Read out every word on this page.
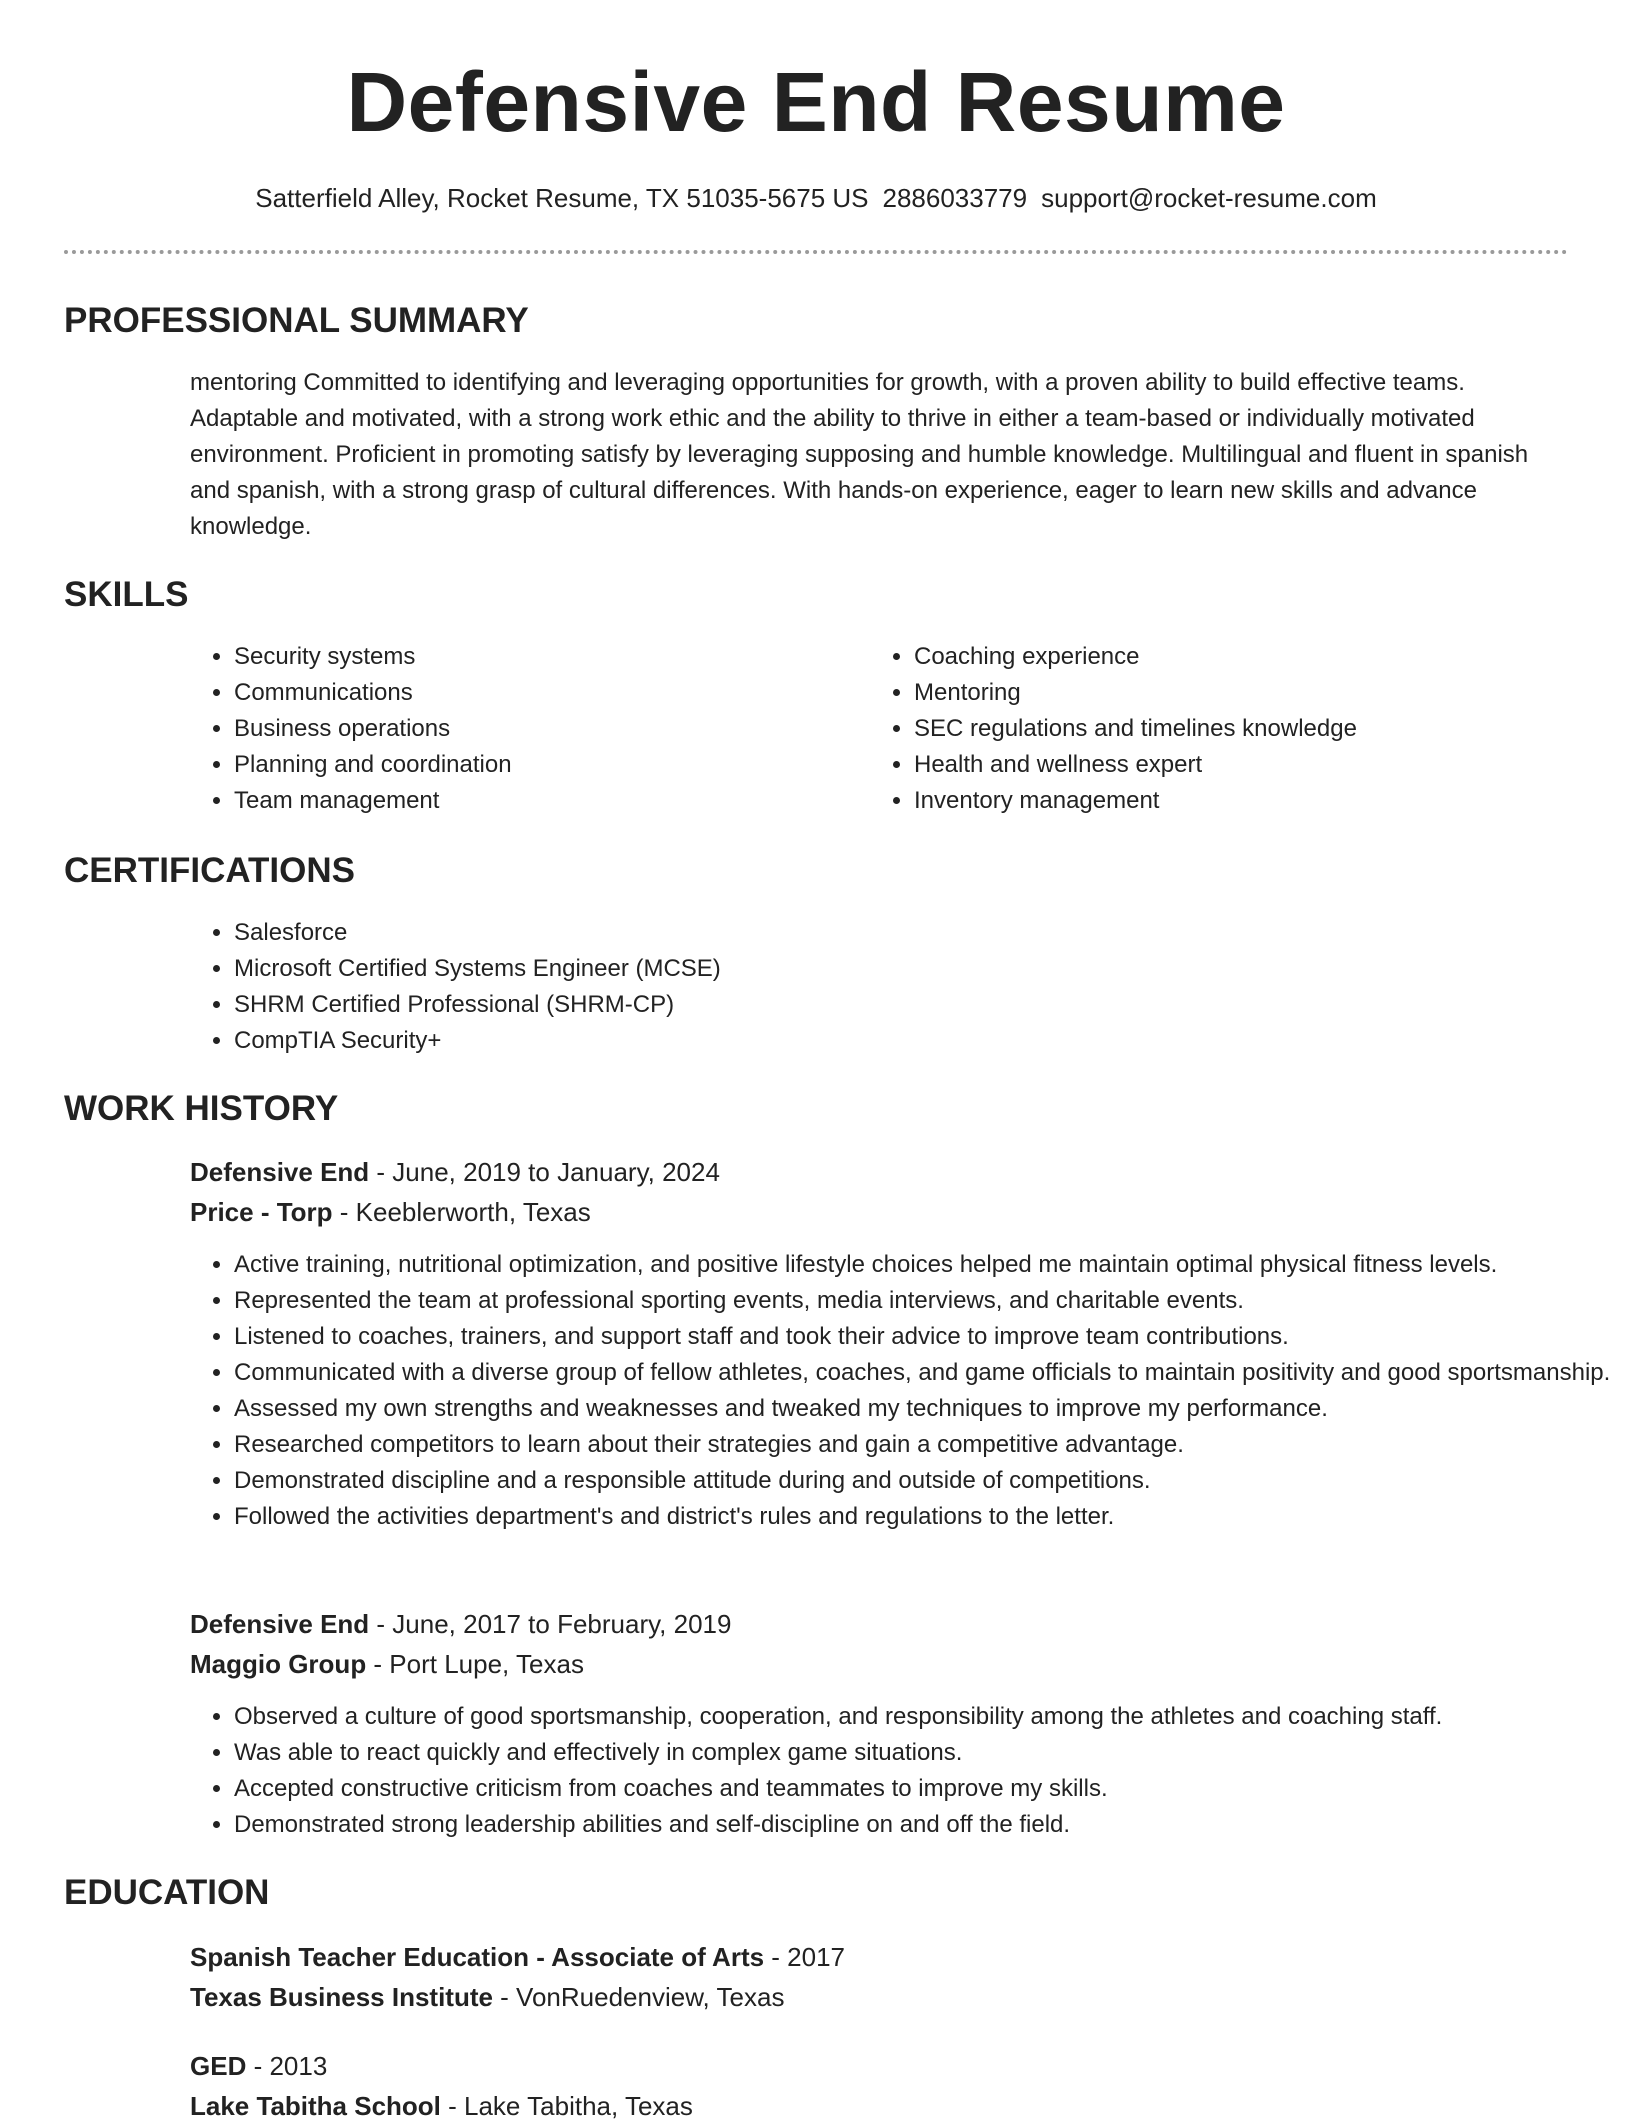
Defensive End Resume
Satterfield Alley, Rocket Resume, TX 51035-5675 US 2886033779 support@rocket-resume.com
PROFESSIONAL SUMMARY

mentoring Committed to identifying and leveraging opportunities for growth, with a proven ability to build effective teams. Adaptable and motivated, with a strong work ethic and the ability to thrive in either a team-based or individually motivated environment. Proficient in promoting satisfy by leveraging supposing and humble knowledge. Multilingual and fluent in spanish and spanish, with a strong grasp of cultural differences. With hands-on experience, eager to learn new skills and advance knowledge.

SKILLS
• Security systems
• Communications
• Business operations
• Planning and coordination
• Team management
• Coaching experience
• Mentoring
• SEC regulations and timelines knowledge
• Health and wellness expert
• Inventory management
CERTIFICATIONS
• Salesforce
• Microsoft Certified Systems Engineer (MCSE)
• SHRM Certified Professional (SHRM-CP)
• CompTIA Security+
WORK HISTORY
Defensive End - June, 2019 to January, 2024
Price - Torp - Keeblerworth, Texas
• Active training, nutritional optimization, and positive lifestyle choices helped me maintain optimal physical fitness levels.
• Represented the team at professional sporting events, media interviews, and charitable events.
• Listened to coaches, trainers, and support staff and took their advice to improve team contributions.
• Communicated with a diverse group of fellow athletes, coaches, and game officials to maintain positivity and good sportsmanship.
• Assessed my own strengths and weaknesses and tweaked my techniques to improve my performance.
• Researched competitors to learn about their strategies and gain a competitive advantage.
• Demonstrated discipline and a responsible attitude during and outside of competitions.
• Followed the activities department's and district's rules and regulations to the letter.
Defensive End - June, 2017 to February, 2019
Maggio Group - Port Lupe, Texas
• Observed a culture of good sportsmanship, cooperation, and responsibility among the athletes and coaching staff.
• Was able to react quickly and effectively in complex game situations.
• Accepted constructive criticism from coaches and teammates to improve my skills.
• Demonstrated strong leadership abilities and self-discipline on and off the field.
EDUCATION
Spanish Teacher Education - Associate of Arts - 2017
Texas Business Institute - VonRuedenview, Texas
GED - 2013
Lake Tabitha School - Lake Tabitha, Texas
